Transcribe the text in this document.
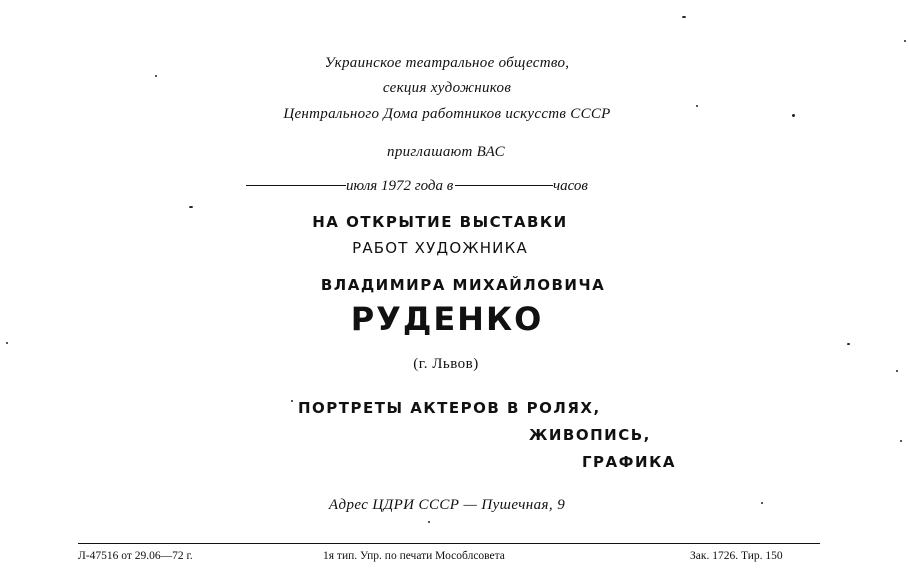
Украинское театральное общество,
секция художников
Центрального Дома работников искусств СССР
приглашают ВАС
июля 1972 года в	часов
НА ОТКРЫТИЕ ВЫСТАВКИ
РАБОТ ХУДОЖНИКА
ВЛАДИМИРА МИХАЙЛОВИЧА
РУДЕНКО
(г. Львов)
ПОРТРЕТЫ АКТЕРОВ В РОЛЯХ,
ЖИВОПИСЬ,
ГРАФИКА
Адрес ЦДРИ СССР — Пушечная, 9
Л-47516 от 29.06—72 г.	1я тип. Упр. по печати Мособлсовета	Зак. 1726. Тир. 150
